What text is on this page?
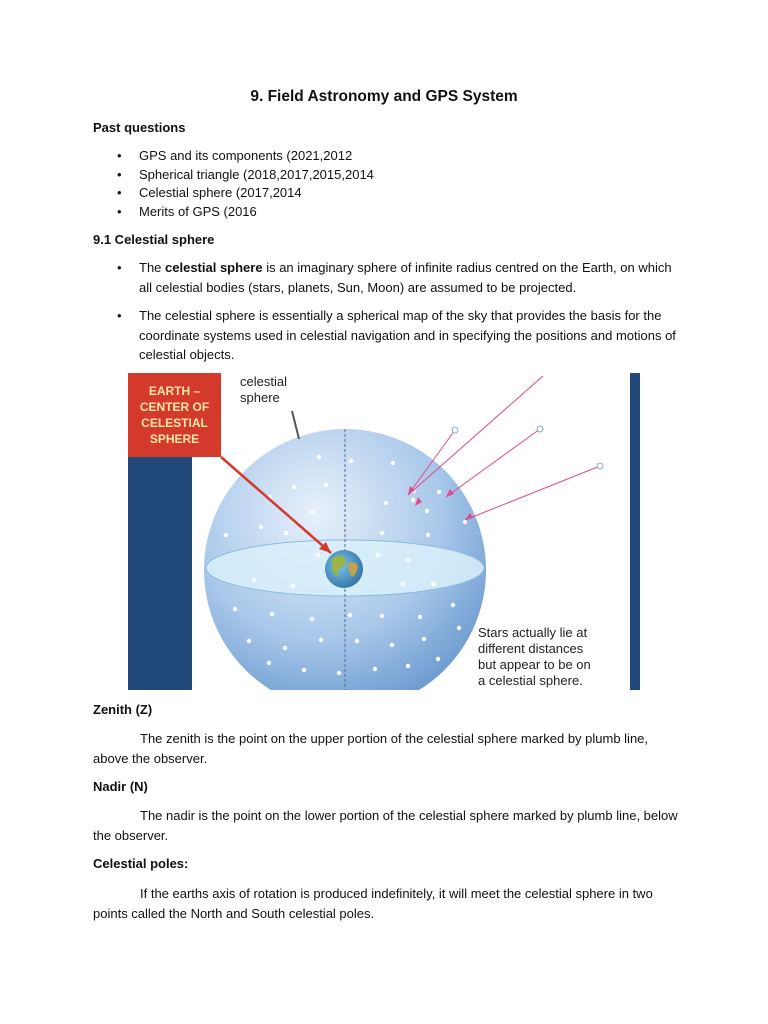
9. Field Astronomy and GPS System
Past questions
• GPS and its components (2021,2012
• Spherical triangle (2018,2017,2015,2014
• Celestial sphere (2017,2014
• Merits of GPS (2016
9.1 Celestial sphere
• The celestial sphere is an imaginary sphere of infinite radius centred on the Earth, on which all celestial bodies (stars, planets, Sun, Moon) are assumed to be projected.
• The celestial sphere is essentially a spherical map of the sky that provides the basis for the coordinate systems used in celestial navigation and in specifying the positions and motions of celestial objects.
EARTH –
CENTER OF
CELESTIAL
SPHERE
celestial
sphere
Stars actually lie at
different distances
but appear to be on
a celestial sphere.
Zenith (Z)
The zenith is the point on the upper portion of the celestial sphere marked by plumb line, above the observer.
Nadir (N)
The nadir is the point on the lower portion of the celestial sphere marked by plumb line, below the observer.
Celestial poles:
If the earths axis of rotation is produced indefinitely, it will meet the celestial sphere in two points called the North and South celestial poles.
